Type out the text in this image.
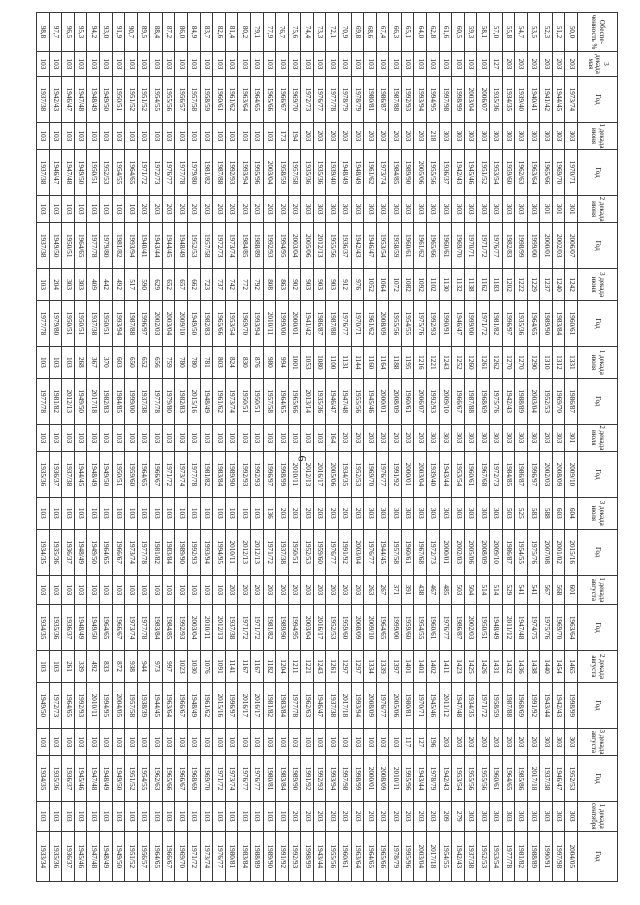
6
Обеспе-ченность %	3 декада мая	Год	1 декада июня	Год	2 декада июня	Год	3 декада июня	Год	1 декада июля	Год	2 декада июля	Год	3 декада июля	Год	1 декада августа	Год	2 декада августа	Год	3 декада августа	Год	1 декада сентября	Год
50,0	203	1973/74	303	1970/71	301	2006/07	1242	1960/61	1331	1986/87	301	2009/10	604	2015/16	601	1963/64	1465	1998/99	303	1952/53	303	2004/05
51,2	203	1944/45	303	1969/70	301	2002/03	1240	1983/84	1312	1969/70	303	2008/09	603	2001/02	568	1969/70	1454	1942/43	303	1946/47	303	1997/98
52,3	203	1941/42	303	1965/66	301	2000/01	1237	1989/90	1310	1952/53	203	2002/03	588	2007/08	567	1975/76	1440	1943/44	303	1937/38	303	1990/91
53,5	203	1940/41	303	1963/64	303	1999/00	1229	1964/65	1290	2003/04	303	1996/97	583	1975/76	541	1974/75	1438	1991/92	203	2017/18	303	1988/89
54,7	203	1939/40	303	1962/63	303	1998/99	1222	1935/36	1270	1988/89	303	1986/87	525	1954/55	541	1947/48	1436	1968/69	203	1985/86	303	1981/82
55,8	203	1934/35	303	1959/60	303	1982/83	1202	1996/97	1270	1942/43	303	1984/85	503	1986/87	529	2011/12	1432	1987/88	203	1964/65	303	1977/78
57,0	127	1935/36	303	1953/54	303	1976/77	1183	1981/82	1262	1975/76	303	1972/73	303	2009/10	514	1948/49	1431	1958/59	203	1960/61	303	1953/54
58,1	103	2006/07	303	1951/52	303	1971/72	1162	1971/72	1261	1968/69	303	1967/68	303	2008/09	514	1950/51	1426	1971/72	203	1955/56	303	1952/53
59,3	103	2003/04	303	1945/46	303	1970/71	1138	1999/00	1260	1987/88	303	1960/61	303	2005/06	504	2002/03	1425	1934/35	203	1955/56	303	1937/38
60,5	103	1998/99	303	1942/43	303	1969/70	1132	1946/47	1252	1966/67	303	1953/54	303	2002/03	503	1986/87	1423	1947/48	203	1953/54	279	1942/43
61,6	103	1997/98	303	1936/37	303	1960/61	1130	1990/91	1243	2009/10	303	1943/44	303	2000/01	485	1976/77	1411	2011/12	203	1942/43	209	1954/55
62,8	103	1994/95	218	1955/56	303	1965/66	1102	1992/93	1221	1992/93	303	1939/40	303	1972/73	467	1960/61	1402	1945/46	196	1978/79	203	2017/18
64,0	103	1993/94	203	2005/06	303	1961/62	1092	1975/76	1216	2006/07	203	2003/04	303	1967/68	438	1954/55	1401	1970/71	127	1943/44	203	2003/04
65,1	103	1992/93	203	1989/90	303	1960/61	1082	1954/55	1195	1960/61	203	2000/01	303	1960/61	391	1959/60	1401	1980/81	117	1995/96	203	1995/96
66,3	103	1987/88	203	1984/85	303	1958/59	1072	1955/56	1188	2008/09	203	1991/92	303	1957/58	371	1999/00	1397	2005/06	103	2010/11	203	1978/79
67,4	103	1986/87	203	1973/74	303	1953/54	1064	2008/09	1164	2000/01	203	1976/77	303	1944/45	267	1964/65	1339	1976/77	103	2008/09	203	1965/66
68,6	103	1980/81	203	1961/62	303	1946/47	1052	1961/62	1160	1945/46	203	1969/70	303	1976/77	263	2009/10	1334	2008/09	103	2000/01	203	1964/65
69,8	103	1978/79	203	1948/49	303	1942/43	976	1970/71	1144	1955/56	203	1952/53	203	2003/04	203	2008/09	1297	1993/94	103	1998/99	203	1963/64
70,9	103	1978/79	203	1948/49	303	1936/37	912	1976/77	1131	1947/48	203	1934/35	203	1991/92	203	1959/60	1297	2017/18	103	1997/98	203	1960/61
72,1	103	1977/78	203	1939/40	303	1955/56	903	1987/88	1100	1946/47	164	2005/06	203	1976/77	203	1952/53	1261	1937/38	103	1993/94	203	1955/56
73,3	103	1976/77	203	1935/36	303	2012/13	903	1986/87	1080	1935/36	103	2016/17	203	1959/60	203	2016/17	1243	1946/47	103	1992/93	203	1943/44
74,4	103	1972/73	203	1935/36	303	2005/06	903	1941/42	1053	2013/14	103	2012/13	203	1952/53	203	2003/04	1221	1962/63	103	1991/92	203	1998/99
75,6	103	1969/70	194	1957/58	203	2003/04	902	2000/01	1001	1965/66	103	2010/11	203	1950/51	203	1994/95	1211	1977/78	103	1989/90	203	1992/93
76,7	103	1966/67	173	1958/59	203	1994/95	863	1999/00	994	1964/65	103	1998/99	203	1937/38	203	1989/90	1204	1983/84	103	1983/84	103	1991/92
77,9	103	1965/66	103	2003/04	203	1992/93	808	2010/11	980	1957/58	103	1996/97	136	1971/72	203	1981/82	1182	1981/82	103	1980/81	103	1989/90
79,1	103	1964/65	103	1995/96	203	1988/89	792	1993/94	876	1950/51	103	1992/93	103	2012/13	203	1971/72	1167	2016/17	103	1976/77	103	1988/89
80,2	103	1963/64	103	1993/94	203	1984/85	772	1969/70	830	1950/51	103	1992/93	103	2012/13	203	1971/72	1167	2016/17	103	1976/77	103	1983/84
81,4	103	1961/62	103	1992/93	203	1973/74	742	1953/54	824	1973/74	103	1989/90	103	2010/11	203	1937/38	1141	1996/97	103	1973/74	103	1980/81
82,6	103	1960/61	103	1987/88	203	1972/73	737	1965/66	803	1961/62	103	1983/84	103	1994/95	103	2012/13	1091	2015/16	103	1971/72	103	1976/77
83,7	103	1958/59	103	1981/82	203	1957/58	723	1982/83	781	1948/49	103	1981/82	103	1993/94	103	2010/11	1076	1961/62	103	1969/70	103	1973/74
84,9	103	1957/58	103	1979/80	203	1952/53	662	1949/50	780	2015/16	103	1977/78	103	1992/93	103	2003/04	1030	1948/49	103	1968/69	103	1971/72
86,0	103	1956/57	103	1977/78	203	1948/49	657	2009/10	780	1982/83	103	1973/74	103	1989/90	103	1992/93	1023	1966/67	103	1966/67	103	1969/70
87,2	103	1955/56	103	1976/77	203	1944/45	652	2003/04	759	1979/80	103	1971/72	103	1983/84	103	1984/85	997	1963/64	103	1965/66	103	1966/67
88,4	103	1954/55	103	1972/73	203	1943/44	629	2002/03	656	1977/78	103	1966/67	103	1981/82	103	1983/84	973	1944/45	103	1962/63	103	1964/65
89,5	103	1951/52	103	1971/72	203	1940/41	590	1996/97	652	1937/38	103	1964/65	103	1977/78	103	1977/78	944	1938/39	103	1954/55	103	1956/57
90,7	103	1951/52	103	1964/65	103	1993/94	517	1987/88	650	1999/00	103	1959/60	103	1973/74	103	1973/74	938	1957/58	103	1951/52	103	1951/52
91,9	103	1950/51	103	1954/55	103	1981/82	492	1993/94	603	1984/85	103	1950/51	103	1966/67	103	1966/67	872	2004/05	103	1949/50	103	1949/50
93,0	103	1949/50	103	1952/53	103	1979/80	442	1950/51	370	1982/83	103	1949/50	103	1964/65	103	1964/65	833	1994/95	103	1948/49	103	1948/49
94,2	103	1948/49	103	1950/51	103	1977/78	409	1937/38	367	2017/18	103	1948/49	103	1949/50	103	1949/50	492	2010/11	103	1947/48	103	1947/48
95,3	103	1947/48	103	1949/50	103	1964/65	303	1950/51	268	1949/50	103	1944/45	103	1948/49	103	1948/49	339	1992/93	103	1945/46	103	1945/46
96,5	103	1946/47	103	1947/48	103	1950/51	303	1950/51	103	2012/13	103	1937/38	103	1936/37	103	1936/37	261	1964/65	103	1936/37	103	1936/37
97,7	103	1942/43	103	1946/47	103	1949/50	204	1979/80	103	1981/82	103	1936/37	103	1935/36	103	1935/36	103	1972/73	103	1935/36	103	1935/36
98,8	103	1937/38	103	1937/38	103	1937/38	103	1977/78	103	1977/78	103	1935/36	103	1934/35	103	1934/35	103	1949/50	103	1934/35	103	1933/34
